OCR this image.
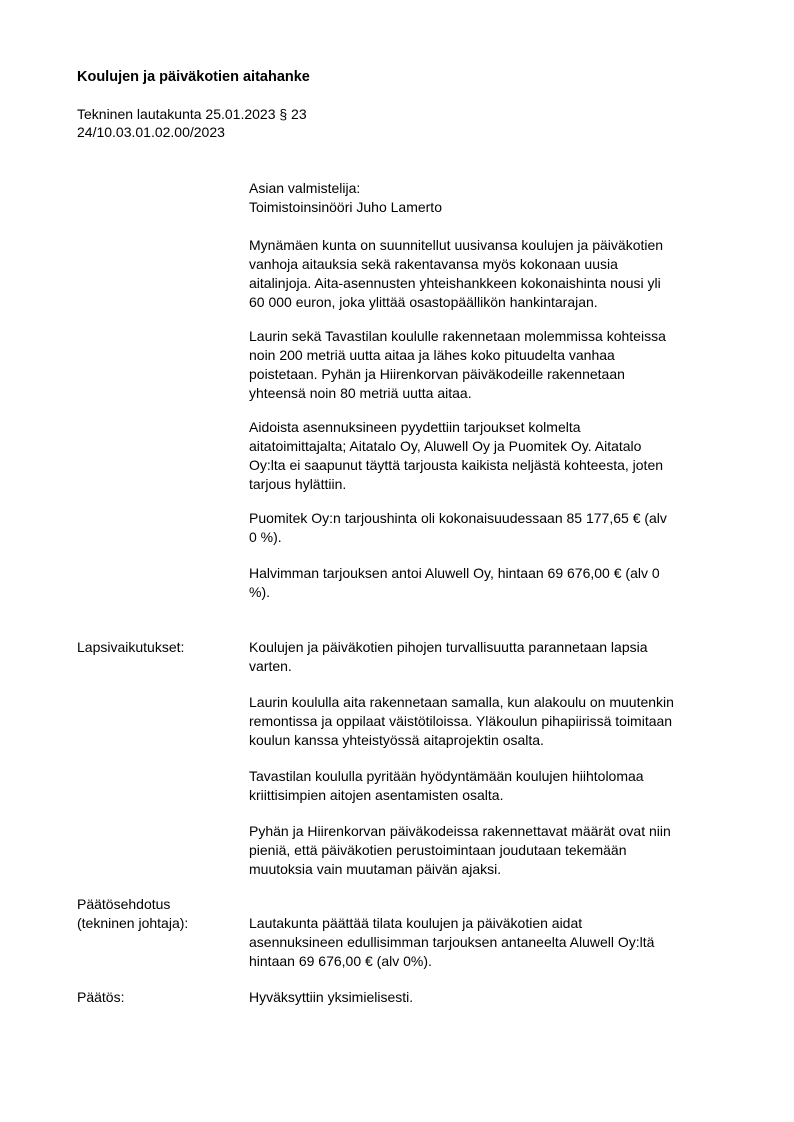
Koulujen ja päiväkotien aitahanke
Tekninen lautakunta 25.01.2023 § 23
24/10.03.01.02.00/2023
Asian valmistelija:
Toimistoinsinööri Juho Lamerto
Mynämäen kunta on suunnitellut uusivansa koulujen ja päiväkotien
vanhoja aitauksia sekä rakentavansa myös kokonaan uusia
aitalinjoja. Aita-asennusten yhteishankkeen kokonaishinta nousi yli
60 000 euron, joka ylittää osastopäällikön hankintarajan.
Laurin sekä Tavastilan koululle rakennetaan molemmissa kohteissa
noin 200 metriä uutta aitaa ja lähes koko pituudelta vanhaa
poistetaan. Pyhän ja Hiirenkorvan päiväkodeille rakennetaan
yhteensä noin 80 metriä uutta aitaa.
Aidoista asennuksineen pyydettiin tarjoukset kolmelta
aitatoimittajalta; Aitatalo Oy, Aluwell Oy ja Puomitek Oy. Aitatalo
Oy:lta ei saapunut täyttä tarjousta kaikista neljästä kohteesta, joten
tarjous hylättiin.
Puomitek Oy:n tarjoushinta oli kokonaisuudessaan 85 177,65 € (alv
0 %).
Halvimman tarjouksen antoi Aluwell Oy, hintaan 69 676,00 € (alv 0
%).
Lapsivaikutukset:	Koulujen ja päiväkotien pihojen turvallisuutta parannetaan lapsia
varten.
Laurin koululla aita rakennetaan samalla, kun alakoulu on muutenkin
remontissa ja oppilaat väistötiloissa. Yläkoulun pihapiirissä toimitaan
koulun kanssa yhteistyössä aitaprojektin osalta.
Tavastilan koululla pyritään hyödyntämään koulujen hiihtolomaa
kriittisimpien aitojen asentamisten osalta.
Pyhän ja Hiirenkorvan päiväkodeissa rakennettavat määrät ovat niin
pieniä, että päiväkotien perustoimintaan joudutaan tekemään
muutoksia vain muutaman päivän ajaksi.
Päätösehdotus
(tekninen johtaja):	Lautakunta päättää tilata koulujen ja päiväkotien aidat
asennuksineen edullisimman tarjouksen antaneelta Aluwell Oy:ltä
hintaan 69 676,00 € (alv 0%).
Päätös:	Hyväksyttiin yksimielisesti.
